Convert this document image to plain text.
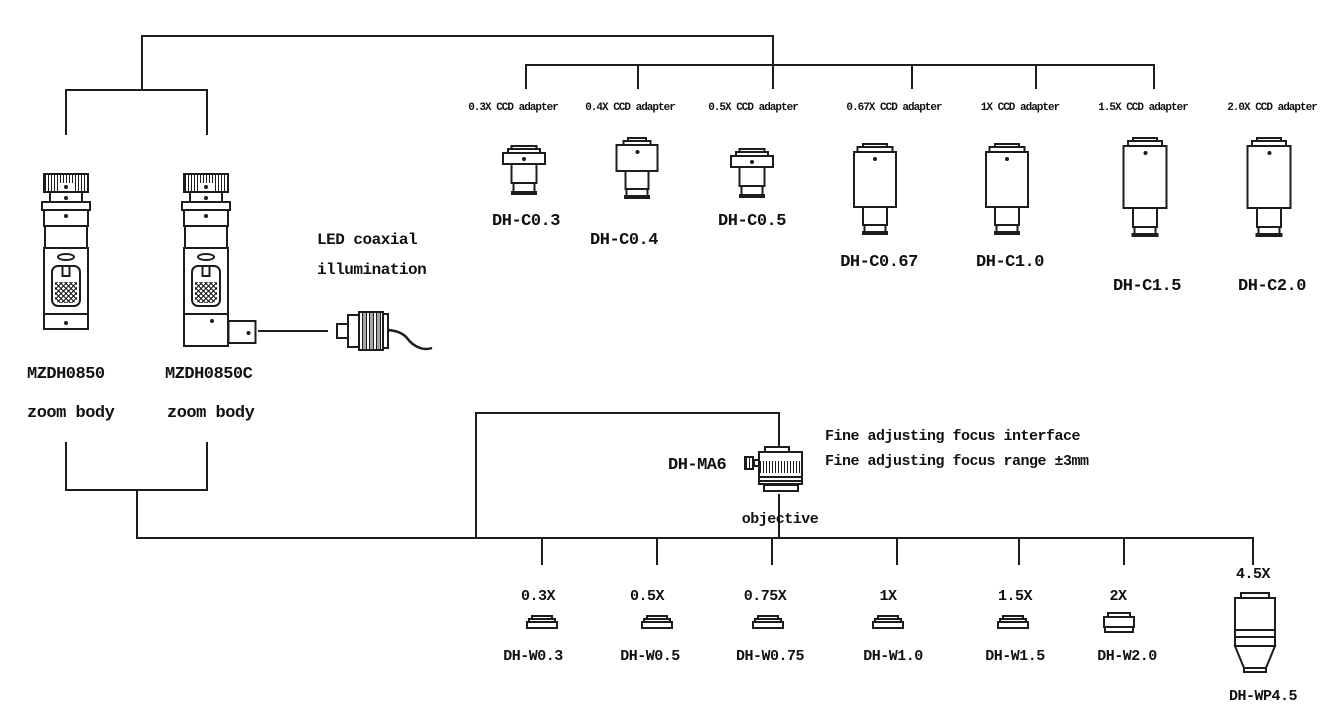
MZDH0850
zoom body
MZDH0850C
zoom body
LED coaxial
illumination
0.3X CCD adapter 0.4X CCD adapter	0.5X CCD adapter	0.67X CCD adapter	1X CCD adapter	1.5X CCD adapter	2.0X CCD adapter
DH-C0.3
DH-C0.4
DH-C0.5
DH-C0.67	DH-C1.0
DH-C1.5	DH-C2.0
DH-MA6
Fine adjusting focus interface
Fine adjusting focus range ±3mm
objective
0.3X	0.5X	0.75X	1X	1.5X	2X
4.5X
DH-W0.3	DH-W0.5	DH-W0.75	DH-W1.0	DH-W1.5	DH-W2.0
DH-WP4.5
